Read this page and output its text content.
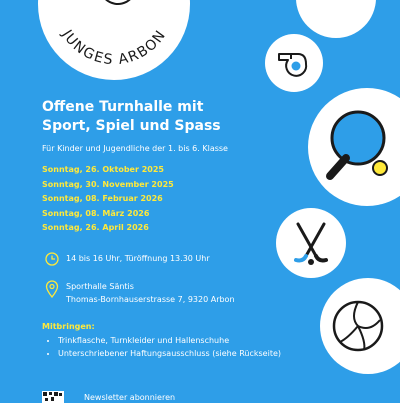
JUNGES ARBON
Offene Turnhalle mit
Sport, Spiel und Spass
Für Kinder und Jugendliche der 1. bis 6. Klasse
Sonntag, 26. Oktober 2025
Sonntag, 30. November 2025
Sonntag, 08. Februar 2026
Sonntag, 08. März 2026
Sonntag, 26. April 2026
14 bis 16 Uhr, Türöffnung 13.30 Uhr
Sporthalle Säntis
Thomas-Bornhauserstrasse 7, 9320 Arbon
Mitbringen:
• Trinkflasche, Turnkleider und Hallenschuhe
• Unterschriebener Haftungsausschluss (siehe Rückseite)
Newsletter abonnieren
